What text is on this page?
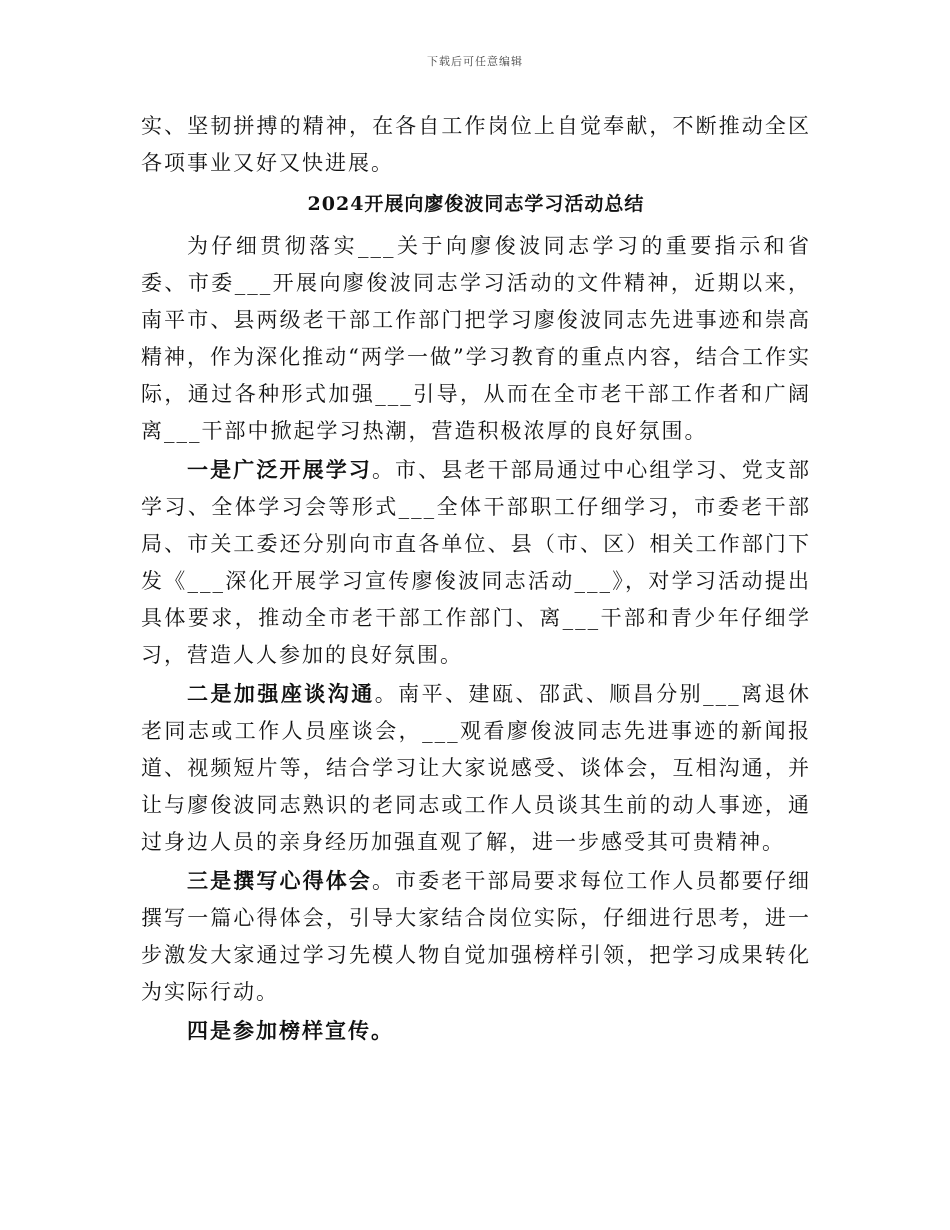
下载后可任意编辑

实、坚韧拼搏的精神，在各自工作岗位上自觉奉献，不断推动全区各项事业又好又快进展。

2024开展向廖俊波同志学习活动总结

为仔细贯彻落实___关于向廖俊波同志学习的重要指示和省委、市委___开展向廖俊波同志学习活动的文件精神，近期以来，南平市、县两级老干部工作部门把学习廖俊波同志先进事迹和崇高精神，作为深化推动“两学一做”学习教育的重点内容，结合工作实际，通过各种形式加强___引导，从而在全市老干部工作者和广阔离___干部中掀起学习热潮，营造积极浓厚的良好氛围。

一是广泛开展学习。市、县老干部局通过中心组学习、党支部学习、全体学习会等形式___全体干部职工仔细学习，市委老干部局、市关工委还分别向市直各单位、县（市、区）相关工作部门下发《___深化开展学习宣传廖俊波同志活动___》，对学习活动提出具体要求，推动全市老干部工作部门、离___干部和青少年仔细学习，营造人人参加的良好氛围。

二是加强座谈沟通。南平、建瓯、邵武、顺昌分别___离退休老同志或工作人员座谈会，___观看廖俊波同志先进事迹的新闻报道、视频短片等，结合学习让大家说感受、谈体会，互相沟通，并让与廖俊波同志熟识的老同志或工作人员谈其生前的动人事迹，通过身边人员的亲身经历加强直观了解，进一步感受其可贵精神。

三是撰写心得体会。市委老干部局要求每位工作人员都要仔细撰写一篇心得体会，引导大家结合岗位实际，仔细进行思考，进一步激发大家通过学习先模人物自觉加强榜样引领，把学习成果转化为实际行动。

四是参加榜样宣传。
